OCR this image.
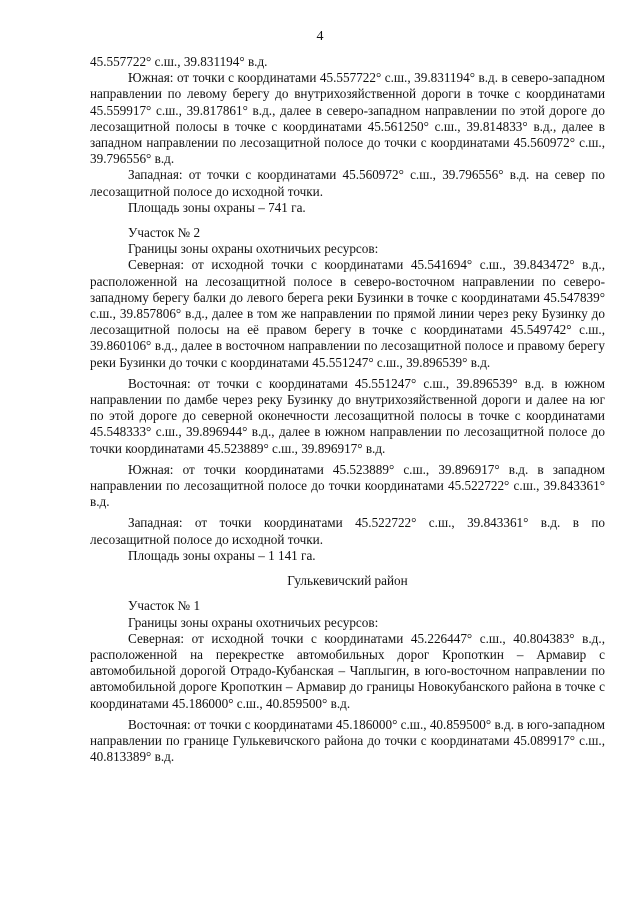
4

45.557722° с.ш., 39.831194° в.д.

Южная: от точки с координатами 45.557722° с.ш., 39.831194° в.д. в северо-западном направлении по левому берегу до внутрихозяйственной дороги в точке с координатами 45.559917° с.ш., 39.817861° в.д., далее в северо-западном направлении по этой дороге до лесозащитной полосы в точке с координатами 45.561250° с.ш., 39.814833° в.д., далее в западном направлении по лесозащитной полосе до точки с координатами 45.560972° с.ш., 39.796556° в.д.

Западная: от точки с координатами 45.560972° с.ш., 39.796556° в.д. на север по лесозащитной полосе до исходной точки.

Площадь зоны охраны – 741 га.

Участок № 2

Границы зоны охраны охотничьих ресурсов:

Северная: от исходной точки с координатами 45.541694° с.ш., 39.843472° в.д., расположенной на лесозащитной полосе в северо-восточном направлении по северо-западному берегу балки до левого берега реки Бузинки в точке с координатами 45.547839° с.ш., 39.857806° в.д., далее в том же направлении по прямой линии через реку Бузинку до лесозащитной полосы на её правом берегу в точке с координатами 45.549742° с.ш., 39.860106° в.д., далее в восточном направлении по лесозащитной полосе и правому берегу реки Бузинки до точки с координатами 45.551247° с.ш., 39.896539° в.д.

Восточная: от точки с координатами 45.551247° с.ш., 39.896539° в.д. в южном направлении по дамбе через реку Бузинку до внутрихозяйственной дороги и далее на юг по этой дороге до северной оконечности лесозащитной полосы в точке с координатами 45.548333° с.ш., 39.896944° в.д., далее в южном направлении по лесозащитной полосе до точки координатами 45.523889° с.ш., 39.896917° в.д.

Южная: от точки координатами 45.523889° с.ш., 39.896917° в.д. в западном направлении по лесозащитной полосе до точки координатами 45.522722° с.ш., 39.843361° в.д.

Западная: от точки координатами 45.522722° с.ш., 39.843361° в.д. в по лесозащитной полосе до исходной точки.

Площадь зоны охраны – 1 141 га.

Гулькевичский район

Участок № 1

Границы зоны охраны охотничьих ресурсов:

Северная: от исходной точки с координатами 45.226447° с.ш., 40.804383° в.д., расположенной на перекрестке автомобильных дорог Кропоткин – Армавир с автомобильной дорогой Отрадо-Кубанская – Чаплыгин, в юго-восточном направлении по автомобильной дороге Кропоткин – Армавир до границы Новокубанского района в точке с координатами 45.186000° с.ш., 40.859500° в.д.

Восточная: от точки с координатами 45.186000° с.ш., 40.859500° в.д. в юго-западном направлении по границе Гулькевичского района до точки с координатами 45.089917° с.ш., 40.813389° в.д.
